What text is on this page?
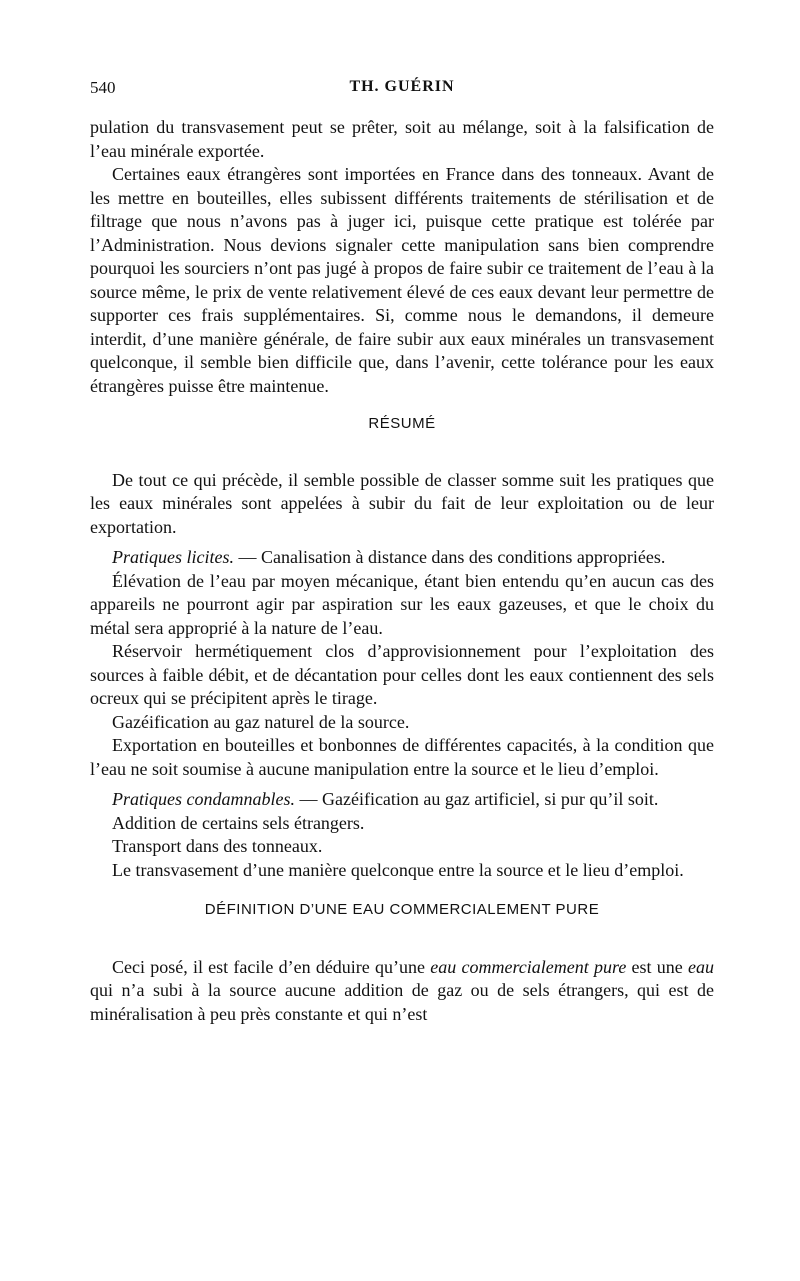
540	TH. GUÉRIN

pulation du transvasement peut se prêter, soit au mélange, soit à la falsification de l’eau minérale exportée.

Certaines eaux étrangères sont importées en France dans des tonneaux. Avant de les mettre en bouteilles, elles subissent différents traitements de stérilisation et de filtrage que nous n’avons pas à juger ici, puisque cette pratique est tolérée par l’Administration. Nous devions signaler cette manipulation sans bien comprendre pourquoi les sourciers n’ont pas jugé à propos de faire subir ce traitement de l’eau à la source même, le prix de vente relativement élevé de ces eaux devant leur permettre de supporter ces frais supplémentaires. Si, comme nous le demandons, il demeure interdit, d’une manière générale, de faire subir aux eaux minérales un transvasement quelconque, il semble bien difficile que, dans l’avenir, cette tolérance pour les eaux étrangères puisse être maintenue.

RÉSUMÉ

De tout ce qui précède, il semble possible de classer somme suit les pratiques que les eaux minérales sont appelées à subir du fait de leur exploitation ou de leur exportation.

Pratiques licites. — Canalisation à distance dans des conditions appropriées.

Élévation de l’eau par moyen mécanique, étant bien entendu qu’en aucun cas des appareils ne pourront agir par aspiration sur les eaux gazeuses, et que le choix du métal sera approprié à la nature de l’eau.

Réservoir hermétiquement clos d’approvisionnement pour l’exploitation des sources à faible débit, et de décantation pour celles dont les eaux contiennent des sels ocreux qui se précipitent après le tirage.

Gazéification au gaz naturel de la source.

Exportation en bouteilles et bonbonnes de différentes capacités, à la condition que l’eau ne soit soumise à aucune manipulation entre la source et le lieu d’emploi.

Pratiques condamnables. — Gazéification au gaz artificiel, si pur qu’il soit.

Addition de certains sels étrangers.

Transport dans des tonneaux.

Le transvasement d’une manière quelconque entre la source et le lieu d’emploi.

DÉFINITION D’UNE EAU COMMERCIALEMENT PURE

Ceci posé, il est facile d’en déduire qu’une eau commercialement pure est une eau qui n’a subi à la source aucune addition de gaz ou de sels étrangers, qui est de minéralisation à peu près constante et qui n’est
